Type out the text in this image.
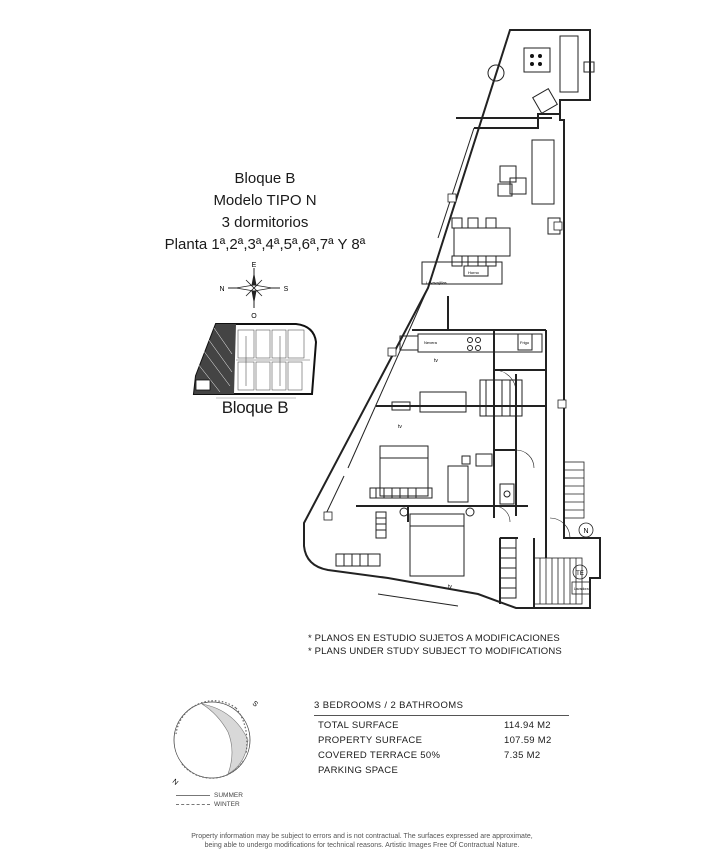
Bloque B
Modelo TIPO N
3 dormitorios
Planta 1ª,2ª,3ª,4ª,5ª,6ª,7ª Y 8ª
E
O
N	S
Bloque B
Horno
Lavavajillas
Nevera	Frigo
tv
tv
tv
N
TE
Lavadora
* PLANOS EN ESTUDIO SUJETOS A MODIFICACIONES
* PLANS UNDER STUDY SUBJECT TO MODIFICATIONS
S
N
SUMMER
WINTER
3 BEDROOMS / 2 BATHROOMS
TOTAL SURFACE	114.94 M2
PROPERTY SURFACE	107.59 M2
COVERED TERRACE 50%	7.35 M2
PARKING SPACE
Property information may be subject to errors and is not contractual. The surfaces expressed are approximate,
being able to undergo modifications for technical reasons. Artistic Images Free Of Contractual Nature.
